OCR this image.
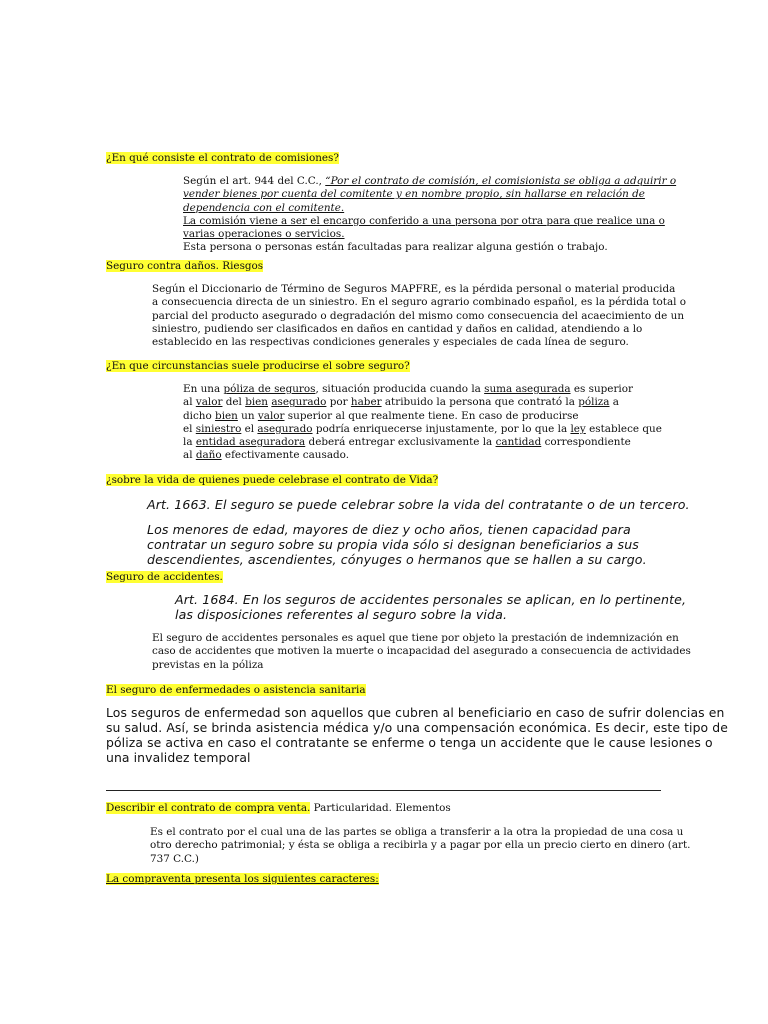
¿En qué consiste el contrato de comisiones?
Según el art. 944 del C.C., “Por el contrato de comisión, el comisionista se obliga a adquirir o
vender bienes por cuenta del comitente y en nombre propio, sin hallarse en relación de
dependencia con el comitente.
La comisión viene a ser el encargo conferido a una persona por otra para que realice una o
varias operaciones o servicios.
Esta persona o personas están facultadas para realizar alguna gestión o trabajo.
Seguro contra daños. Riesgos
Según el Diccionario de Término de Seguros MAPFRE, es la pérdida personal o material producida
a consecuencia directa de un siniestro. En el seguro agrario combinado español, es la pérdida total o
parcial del producto asegurado o degradación del mismo como consecuencia del acaecimiento de un
siniestro, pudiendo ser clasificados en daños en cantidad y daños en calidad, atendiendo a lo
establecido en las respectivas condiciones generales y especiales de cada línea de seguro.
¿En que circunstancias suele producirse el sobre seguro?
En una póliza de seguros, situación producida cuando la suma asegurada es superior
al valor del bien asegurado por haber atribuido la persona que contrató la póliza a
dicho bien un valor superior al que realmente tiene. En caso de producirse
el siniestro el asegurado podría enriquecerse injustamente, por lo que la ley establece que
la entidad aseguradora deberá entregar exclusivamente la cantidad correspondiente
al daño efectivamente causado.
¿sobre la vida de quienes puede celebrase el contrato de Vida?
Art. 1663. El seguro se puede celebrar sobre la vida del contratante o de un tercero.
Los menores de edad, mayores de diez y ocho años, tienen capacidad para
contratar un seguro sobre su propia vida sólo si designan beneficiarios a sus
descendientes, ascendientes, cónyuges o hermanos que se hallen a su cargo.
Seguro de accidentes.
Art. 1684. En los seguros de accidentes personales se aplican, en lo pertinente,
las disposiciones referentes al seguro sobre la vida.
El seguro de accidentes personales es aquel que tiene por objeto la prestación de indemnización en
caso de accidentes que motiven la muerte o incapacidad del asegurado a consecuencia de actividades
previstas en la póliza
El seguro de enfermedades o asistencia sanitaria
Los seguros de enfermedad son aquellos que cubren al beneficiario en caso de sufrir dolencias en
su salud. Así, se brinda asistencia médica y/o una compensación económica. Es decir, este tipo de
póliza se activa en caso el contratante se enferme o tenga un accidente que le cause lesiones o
una invalidez temporal
Describir el contrato de compra venta. Particularidad. Elementos
Es el contrato por el cual una de las partes se obliga a transferir a la otra la propiedad de una cosa u
otro derecho patrimonial; y ésta se obliga a recibirla y a pagar por ella un precio cierto en dinero (art.
737 C.C.)
La compraventa presenta los siguientes caracteres:
